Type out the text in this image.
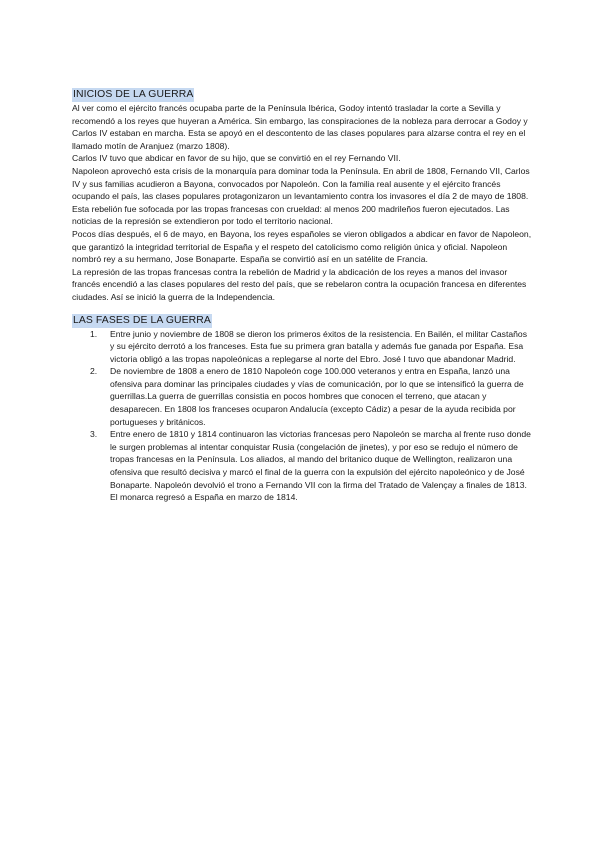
INICIOS DE LA GUERRA

Al ver como el ejército francés ocupaba parte de la Península Ibérica, Godoy intentó trasladar la corte a Sevilla y recomendó a los reyes que huyeran a América. Sin embargo, las conspiraciones de la nobleza para derrocar a Godoy y Carlos IV estaban en marcha. Esta se apoyó en el descontento de las clases populares para alzarse contra el rey en el llamado motín de Aranjuez (marzo 1808).

Carlos IV tuvo que abdicar en favor de su hijo, que se convirtió en el rey Fernando VII.

Napoleon aprovechó esta crisis de la monarquía para dominar toda la Península. En abril de 1808, Fernando VII, Carlos IV y sus familias acudieron a Bayona, convocados por Napoleón. Con la familia real ausente y el ejército francés ocupando el país, las clases populares protagonizaron un levantamiento contra los invasores el día 2 de mayo de 1808. Esta rebelión fue sofocada por las tropas francesas con crueldad: al menos 200 madrileños fueron ejecutados. Las noticias de la represión se extendieron por todo el territorio nacional.

Pocos días después, el 6 de mayo, en Bayona, los reyes españoles se vieron obligados a abdicar en favor de Napoleon, que garantizó la integridad territorial de España y el respeto del catolicismo como religión única y oficial. Napoleon nombró rey a su hermano, Jose Bonaparte. España se convirtió así en un satélite de Francia.

La represión de las tropas francesas contra la rebelión de Madrid y la abdicación de los reyes a manos del invasor francés encendió a las clases populares del resto del país, que se rebelaron contra la ocupación francesa en diferentes ciudades. Así se inició la guerra de la Independencia.

LAS FASES DE LA GUERRA
1. Entre junio y noviembre de 1808 se dieron los primeros éxitos de la resistencia. En Bailén, el militar Castaños y su ejército derrotó a los franceses. Esta fue su primera gran batalla y además fue ganada por España. Esa victoria obligó a las tropas napoleónicas a replegarse al norte del Ebro. José I tuvo que abandonar Madrid.
2. De noviembre de 1808 a enero de 1810 Napoleón coge 100.000 veteranos y entra en España, lanzó una ofensiva para dominar las principales ciudades y vías de comunicación, por lo que se intensificó la guerra de guerrillas.La guerra de guerrillas consistia en pocos hombres que conocen el terreno, que atacan y desaparecen. En 1808 los franceses ocuparon Andalucía (excepto Cádiz) a pesar de la ayuda recibida por portugueses y británicos.
3. Entre enero de 1810 y 1814 continuaron las victorias francesas pero Napoleón se marcha al frente ruso donde le surgen problemas al intentar conquistar Rusia (congelación de jinetes), y por eso se redujo el número de tropas francesas en la Península. Los aliados, al mando del britanico duque de Wellington, realizaron una ofensiva que resultó decisiva y marcó el final de la guerra con la expulsión del ejército napoleónico y de José Bonaparte. Napoleón devolvió el trono a Fernando VII con la firma del Tratado de Valençay a finales de 1813. El monarca regresó a España en marzo de 1814.
